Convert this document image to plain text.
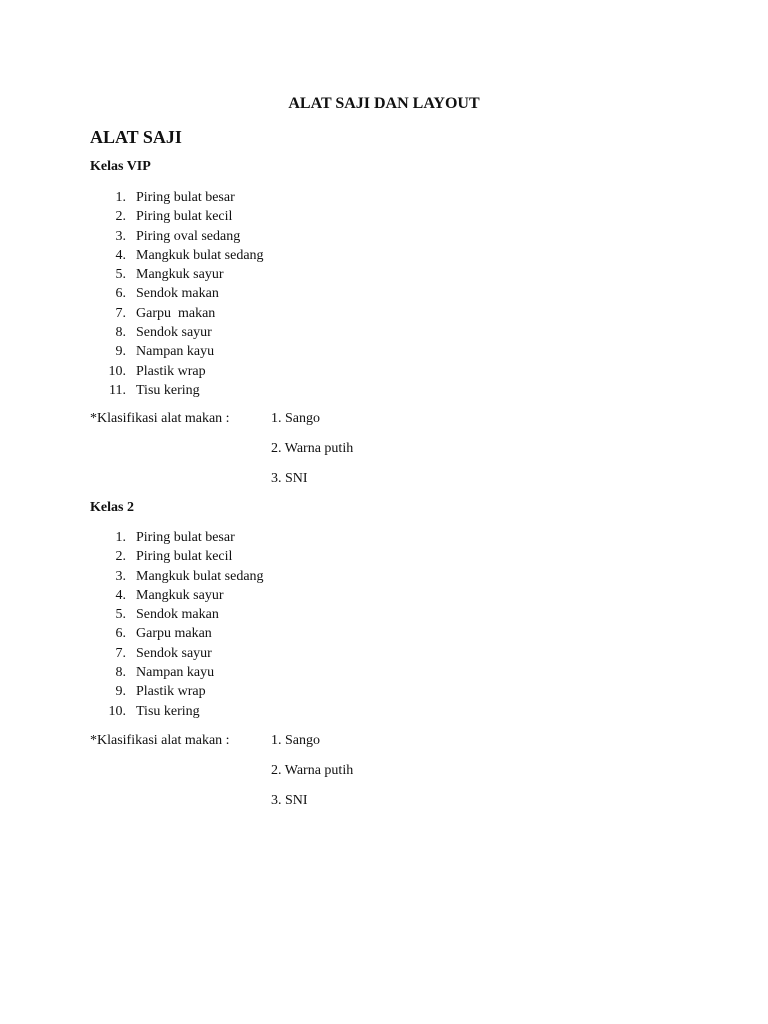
ALAT SAJI DAN LAYOUT
ALAT SAJI
Kelas VIP
1. Piring bulat besar
2. Piring bulat kecil
3. Piring oval sedang
4. Mangkuk bulat sedang
5. Mangkuk sayur
6. Sendok makan
7. Garpu  makan
8. Sendok sayur
9. Nampan kayu
10. Plastik wrap
11. Tisu kering
*Klasifikasi alat makan :	1. Sango
2. Warna putih
3. SNI
Kelas 2
1. Piring bulat besar
2. Piring bulat kecil
3. Mangkuk bulat sedang
4. Mangkuk sayur
5. Sendok makan
6. Garpu makan
7. Sendok sayur
8. Nampan kayu
9. Plastik wrap
10. Tisu kering
*Klasifikasi alat makan :	1. Sango
2. Warna putih
3. SNI
